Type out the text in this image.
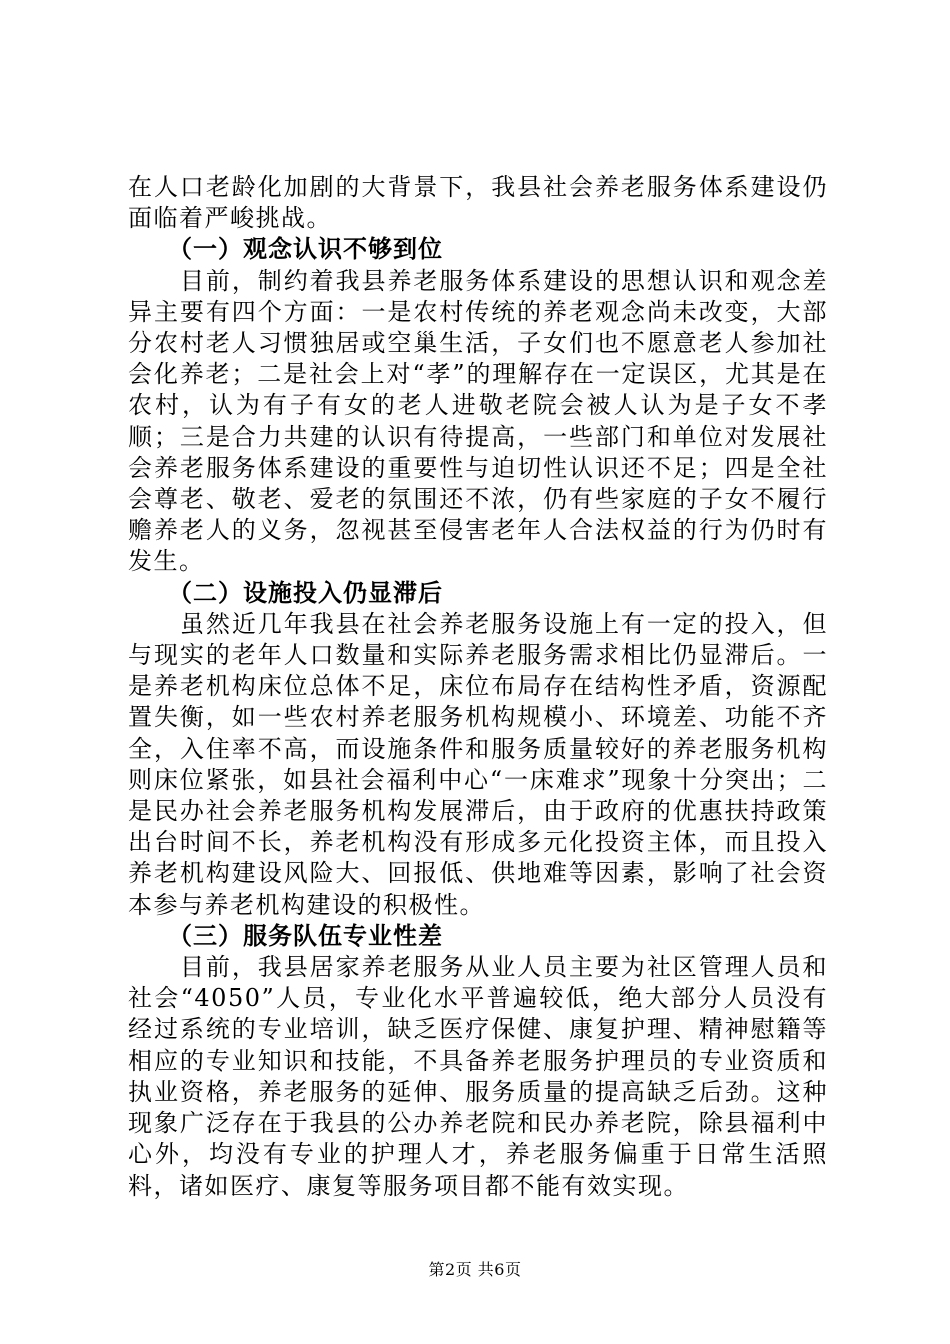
在人口老龄化加剧的大背景下，我县社会养老服务体系建设仍面临着严峻挑战。

（一）观念认识不够到位

目前，制约着我县养老服务体系建设的思想认识和观念差异主要有四个方面：一是农村传统的养老观念尚未改变，大部分农村老人习惯独居或空巢生活，子女们也不愿意老人参加社会化养老；二是社会上对“孝”的理解存在一定误区，尤其是在农村，认为有子有女的老人进敬老院会被人认为是子女不孝顺；三是合力共建的认识有待提高，一些部门和单位对发展社会养老服务体系建设的重要性与迫切性认识还不足；四是全社会尊老、敬老、爱老的氛围还不浓，仍有些家庭的子女不履行赡养老人的义务，忽视甚至侵害老年人合法权益的行为仍时有发生。

（二）设施投入仍显滞后

虽然近几年我县在社会养老服务设施上有一定的投入，但与现实的老年人口数量和实际养老服务需求相比仍显滞后。一是养老机构床位总体不足，床位布局存在结构性矛盾，资源配置失衡，如一些农村养老服务机构规模小、环境差、功能不齐全，入住率不高，而设施条件和服务质量较好的养老服务机构则床位紧张，如县社会福利中心“一床难求”现象十分突出；二是民办社会养老服务机构发展滞后，由于政府的优惠扶持政策出台时间不长，养老机构没有形成多元化投资主体，而且投入养老机构建设风险大、回报低、供地难等因素，影响了社会资本参与养老机构建设的积极性。

（三）服务队伍专业性差

目前，我县居家养老服务从业人员主要为社区管理人员和社会“4050”人员，专业化水平普遍较低，绝大部分人员没有经过系统的专业培训，缺乏医疗保健、康复护理、精神慰籍等相应的专业知识和技能，不具备养老服务护理员的专业资质和执业资格，养老服务的延伸、服务质量的提高缺乏后劲。这种现象广泛存在于我县的公办养老院和民办养老院，除县福利中心外，均没有专业的护理人才，养老服务偏重于日常生活照料，诸如医疗、康复等服务项目都不能有效实现。

第2页 共6页
